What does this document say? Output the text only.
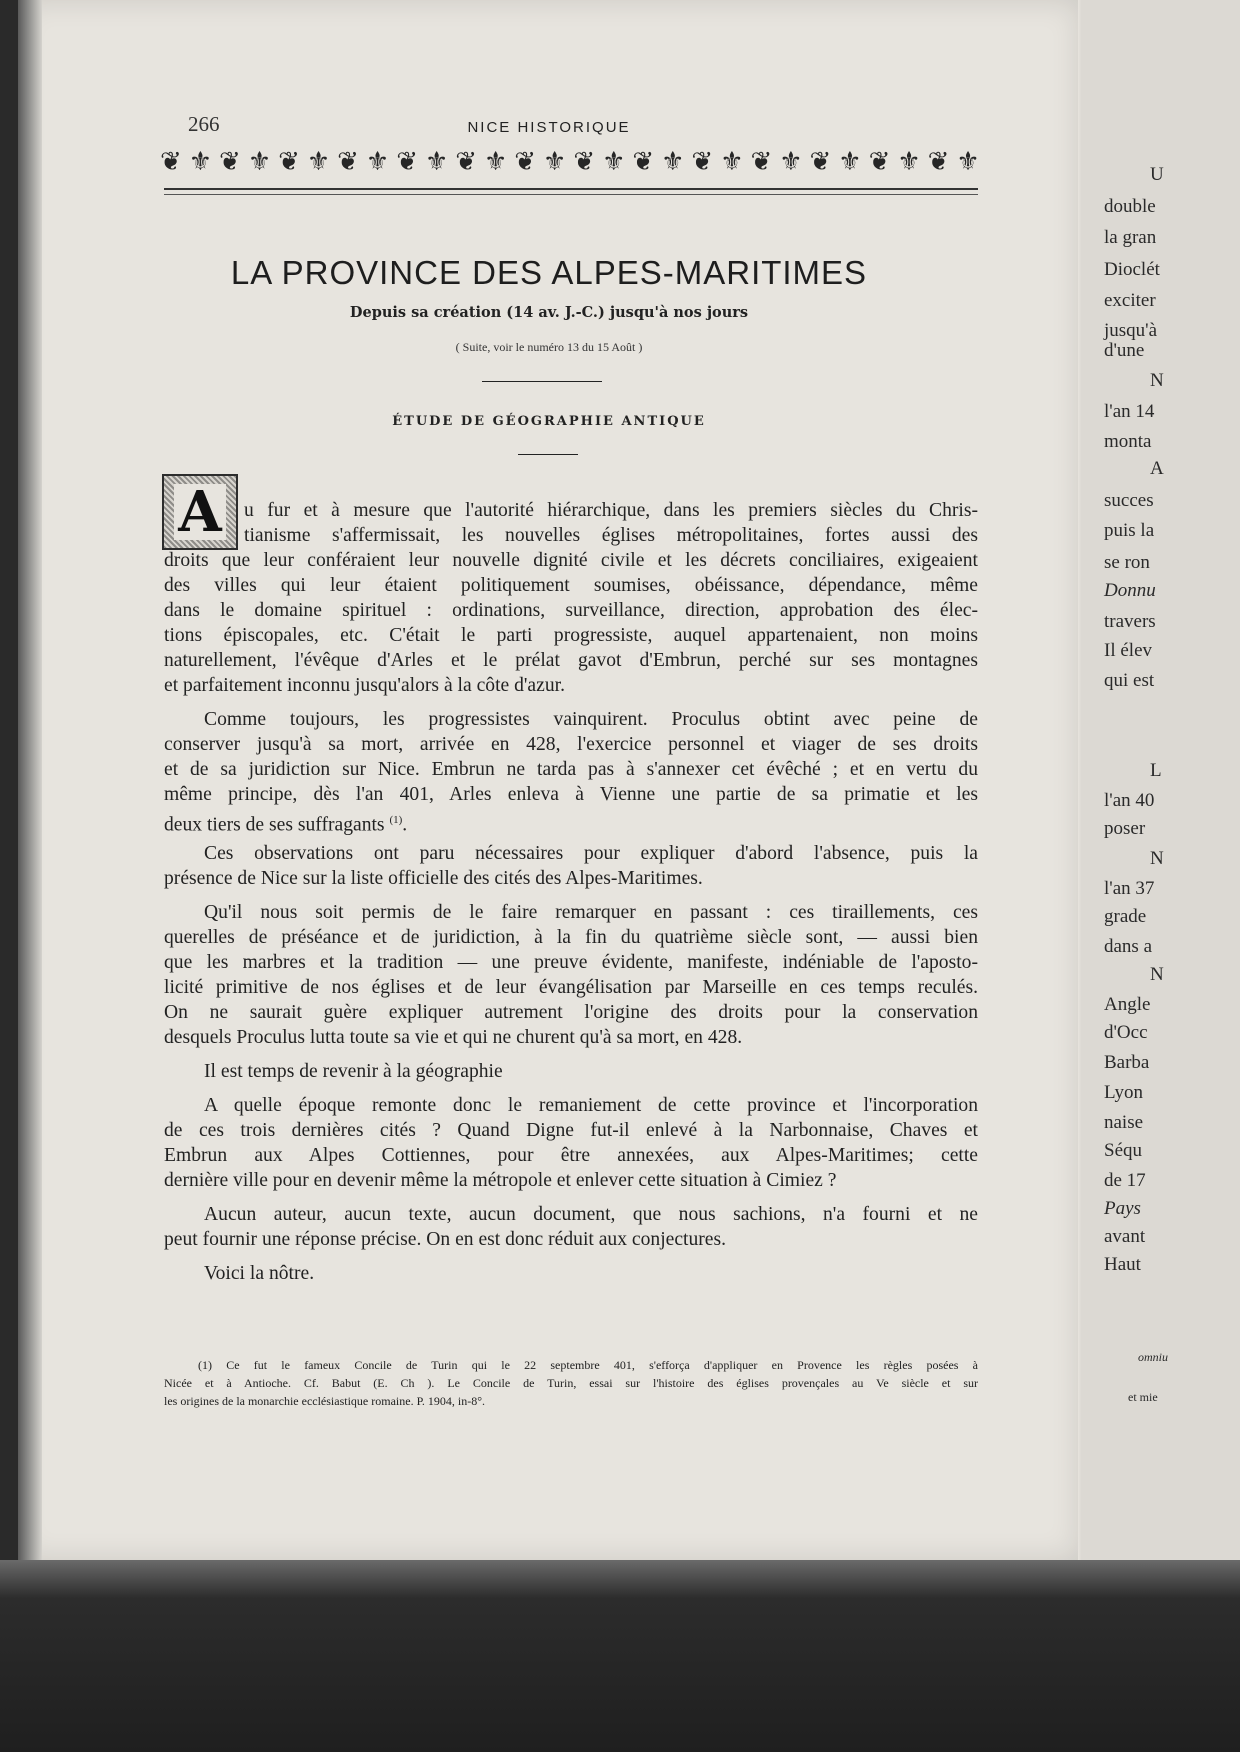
266	NICE HISTORIQUE
❦ ⚜ ❦ ⚜ ❦ ⚜ ❦ ⚜ ❦ ⚜ ❦ ⚜ ❦ ⚜ ❦ ⚜ ❦ ⚜ ❦ ⚜ ❦ ⚜ ❦ ⚜ ❦ ⚜ ❦ ⚜
LA PROVINCE DES ALPES-MARITIMES
Depuis sa création (14 av. J.-C.) jusqu'à nos jours
( Suite, voir le numéro 13 du 15 Août )
ÉTUDE DE GÉOGRAPHIE ANTIQUE
A u fur et à mesure que l'autorité hiérarchique, dans les premiers siècles du Chris-
tianisme s'affermissait, les nouvelles églises métropolitaines, fortes aussi des
droits que leur conféraient leur nouvelle dignité civile et les décrets conciliaires, exigeaient
des villes qui leur étaient politiquement soumises, obéissance, dépendance, même
dans le domaine spirituel : ordinations, surveillance, direction, approbation des élec-
tions épiscopales, etc. C'était le parti progressiste, auquel appartenaient, non moins
naturellement, l'évêque d'Arles et le prélat gavot d'Embrun, perché sur ses montagnes
et parfaitement inconnu jusqu'alors à la côte d'azur.
Comme toujours, les progressistes vainquirent. Proculus obtint avec peine de
conserver jusqu'à sa mort, arrivée en 428, l'exercice personnel et viager de ses droits
et de sa juridiction sur Nice. Embrun ne tarda pas à s'annexer cet évêché ; et en vertu du
même principe, dès l'an 401, Arles enleva à Vienne une partie de sa primatie et les
deux tiers de ses suffragants $^{(1)}$.
Ces observations ont paru nécessaires pour expliquer d'abord l'absence, puis la
présence de Nice sur la liste officielle des cités des Alpes-Maritimes.
Qu'il nous soit permis de le faire remarquer en passant : ces tiraillements, ces
querelles de préséance et de juridiction, à la fin du quatrième siècle sont, — aussi bien
que les marbres et la tradition — une preuve évidente, manifeste, indéniable de l'aposto-
licité primitive de nos églises et de leur évangélisation par Marseille en ces temps reculés.
On ne saurait guère expliquer autrement l'origine des droits pour la conservation
desquels Proculus lutta toute sa vie et qui ne churent qu'à sa mort, en 428.
Il est temps de revenir à la géographie
A quelle époque remonte donc le remaniement de cette province et l'incorporation
de ces trois dernières cités ? Quand Digne fut-il enlevé à la Narbonnaise, Chaves et
Embrun aux Alpes Cottiennes, pour être annexées, aux Alpes-Maritimes; cette
dernière ville pour en devenir même la métropole et enlever cette situation à Cimiez ?
Aucun auteur, aucun texte, aucun document, que nous sachions, n'a fourni et ne
peut fournir une réponse précise. On en est donc réduit aux conjectures.
Voici la nôtre.
(1) Ce fut le fameux Concile de Turin qui le 22 septembre 401, s'efforça d'appliquer en Provence les règles posées à
Nicée et à Antioche. Cf. Babut (E. Ch ). Le Concile de Turin, essai sur l'histoire des églises provençales au Ve siècle et sur
les origines de la monarchie ecclésiastique romaine. P. 1904, in-8°.
U
double
la gran
Dioclét
exciter
jusqu'à
d'une
N
l'an 14
monta
A
succes
puis la
se ron
Donnu
travers
Il élev
qui est
L
l'an 40
poser
N
l'an 37
grade
dans a
N
Angle
d'Occ
Barba
Lyon
naise
Séqu
de 17
Pays
avant
Haut
omniu
et mie
